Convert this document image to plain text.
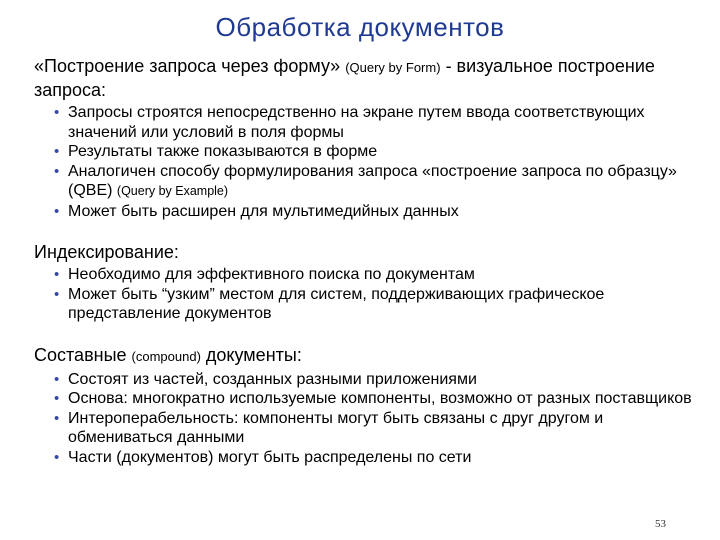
Обработка документов
«Построение запроса через форму» (Query by Form) - визуальное построение запроса:
• Запросы строятся непосредственно на экране путем ввода соответствующих значений или условий в поля формы
• Результаты также показываются в форме
• Аналогичен способу формулирования запроса «построение запроса по образцу» (QBE) (Query by Example)
• Может быть расширен для мультимедийных данных
Индексирование:
• Необходимо для эффективного поиска по документам
• Может быть “узким” местом для систем, поддерживающих графическое представление документов
Составные (compound) документы:
• Состоят из частей, созданных разными приложениями
• Основа: многократно используемые компоненты, возможно от разных поставщиков
• Интероперабельность: компоненты могут быть связаны с друг другом и обмениваться данными
• Части (документов) могут быть распределены по сети
53
